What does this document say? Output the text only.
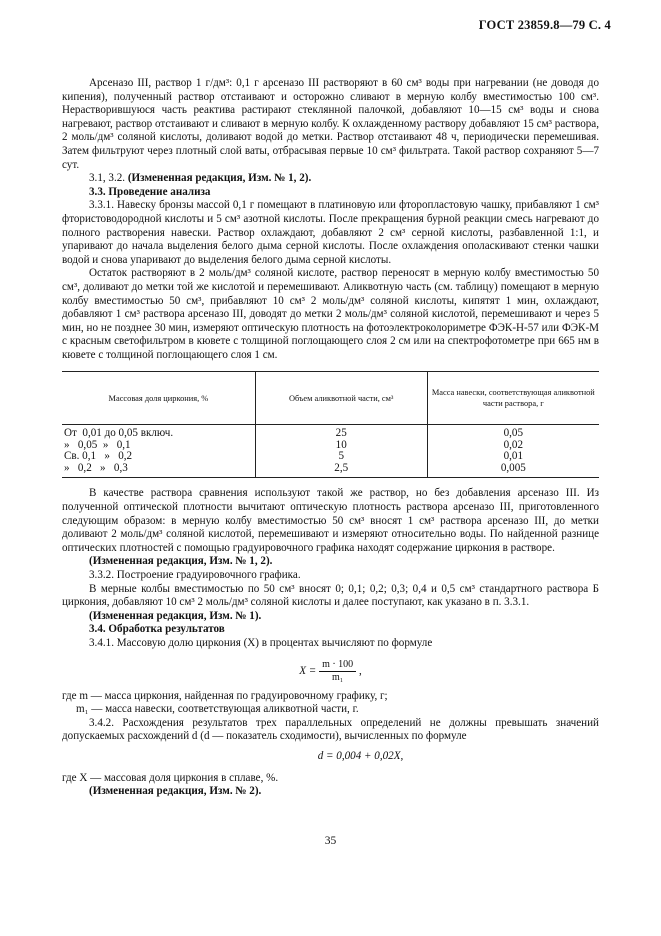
ГОСТ 23859.8—79 С. 4

Арсеназо III, раствор 1 г/дм³: 0,1 г арсеназо III растворяют в 60 см³ воды при нагревании (не доводя до кипения), полученный раствор отстаивают и осторожно сливают в мерную колбу вместимостью 100 см³. Нерастворившуюся часть реактива растирают стеклянной палочкой, добавляют 10—15 см³ воды и снова нагревают, раствор отстаивают и сливают в мерную колбу. К охлажденному раствору добавляют 15 см³ раствора, 2 моль/дм³ соляной кислоты, доливают водой до метки. Раствор отстаивают 48 ч, периодически перемешивая. Затем фильтруют через плотный слой ваты, отбрасывая первые 10 см³ фильтрата. Такой раствор сохраняют 5—7 сут.

3.1, 3.2. (Измененная редакция, Изм. № 1, 2).

3.3. Проведение анализа

3.3.1. Навеску бронзы массой 0,1 г помещают в платиновую или фторопластовую чашку, прибавляют 1 см³ фтористоводородной кислоты и 5 см³ азотной кислоты. После прекращения бурной реакции смесь нагревают до полного растворения навески. Раствор охлаждают, добавляют 2 см³ серной кислоты, разбавленной 1:1, и упаривают до начала выделения белого дыма серной кислоты. После охлаждения ополаскивают стенки чашки водой и снова упаривают до выделения белого дыма серной кислоты.

Остаток растворяют в 2 моль/дм³ соляной кислоте, раствор переносят в мерную колбу вместимостью 50 см³, доливают до метки той же кислотой и перемешивают. Аликвотную часть (см. таблицу) помещают в мерную колбу вместимостью 50 см³, прибавляют 10 см³ 2 моль/дм³ соляной кислоты, кипятят 1 мин, охлаждают, добавляют 1 см³ раствора арсеназо III, доводят до метки 2 моль/дм³ соляной кислотой, перемешивают и через 5 мин, но не позднее 30 мин, измеряют оптическую плотность на фотоэлектроколориметре ФЭК-Н-57 или ФЭК-М с красным светофильтром в кювете с толщиной поглощающего слоя 2 см или на спектрофотометре при 665 нм в кювете с толщиной поглощающего слоя 1 см.

Массовая доля циркония, %	Объем аликвотной части, см³	Масса навески, соответствующая аликвотной части раствора, г
От  0,01 до 0,05 включ.	25	0,05
»   0,05  »   0,1	10	0,02
Св. 0,1   »   0,2	5	0,01
»   0,2   »   0,3	2,5	0,005

В качестве раствора сравнения используют такой же раствор, но без добавления арсеназо III. Из полученной оптической плотности вычитают оптическую плотность раствора арсеназо III, приготовленного следующим образом: в мерную колбу вместимостью 50 см³ вносят 1 см³ раствора арсеназо III, до метки доливают 2 моль/дм³ соляной кислотой, перемешивают и измеряют относительно воды. По найденной разнице оптических плотностей с помощью градуировочного графика находят содержание циркония в растворе.

(Измененная редакция, Изм. № 1, 2).

3.3.2. Построение градуировочного графика.

В мерные колбы вместимостью по 50 см³ вносят 0; 0,1; 0,2; 0,3; 0,4 и 0,5 см³ стандартного раствора Б циркония, добавляют 10 см³ 2 моль/дм³ соляной кислоты и далее поступают, как указано в п. 3.3.1.

(Измененная редакция, Изм. № 1).

3.4. Обработка результатов

3.4.1. Массовую долю циркония (X) в процентах вычисляют по формуле

$X = \frac{m \cdot 100}{\text{m₁}}$ ,

где m — масса циркония, найденная по градуировочному графику, г;

m₁ — масса навески, соответствующая аликвотной части, г.

3.4.2. Расхождения результатов трех параллельных определений не должны превышать значений допускаемых расхождений d (d — показатель сходимости), вычисленных по формуле

d = 0,004 + 0,02X,

где X — массовая доля циркония в сплаве, %.

(Измененная редакция, Изм. № 2).

35
